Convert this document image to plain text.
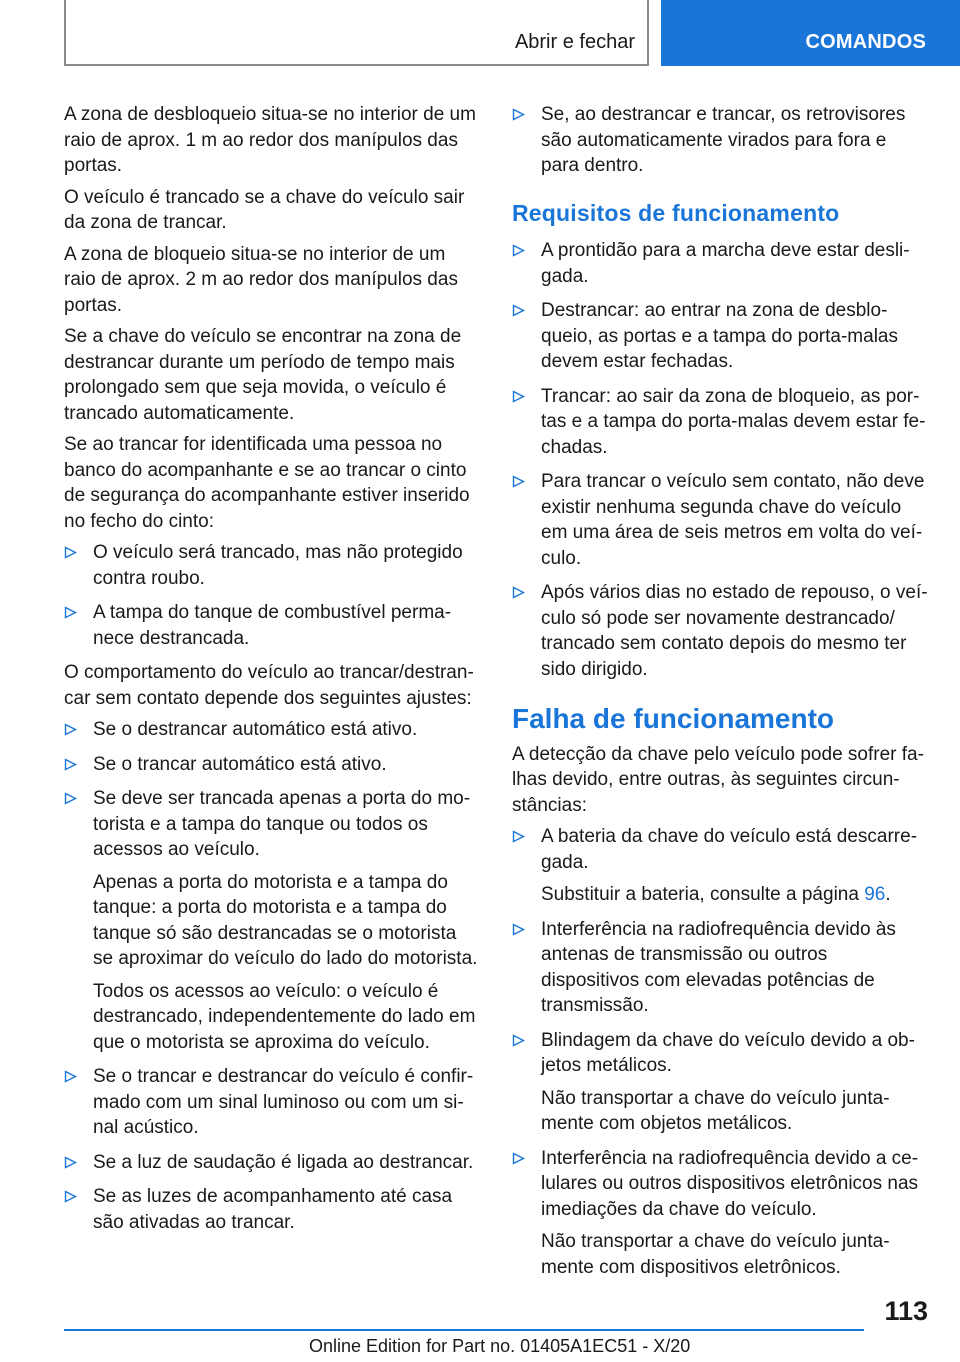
Abrir e fechar	COMANDOS

A zona de desbloqueio situa-se no interior de um raio de aprox. 1 m ao redor dos manípulos das portas.

O veículo é trancado se a chave do veículo sair da zona de trancar.

A zona de bloqueio situa-se no interior de um raio de aprox. 2 m ao redor dos manípulos das portas.

Se a chave do veículo se encontrar na zona de destrancar durante um período de tempo mais prolongado sem que seja movida, o veículo é trancado automaticamente.

Se ao trancar for identificada uma pessoa no banco do acompanhante e se ao trancar o cinto de segurança do acompanhante estiver inserido no fecho do cinto:

O veículo será trancado, mas não protegido contra roubo.
A tampa do tanque de combustível permanece destrancada.

O comportamento do veículo ao trancar/destrancar sem contato depende dos seguintes ajustes:

Se o destrancar automático está ativo.
Se o trancar automático está ativo.
Se deve ser trancada apenas a porta do motorista e a tampa do tanque ou todos os acessos ao veículo.
Apenas a porta do motorista e a tampa do tanque: a porta do motorista e a tampa do tanque só são destrancadas se o motorista se aproximar do veículo do lado do motorista.
Todos os acessos ao veículo: o veículo é destrancado, independentemente do lado em que o motorista se aproxima do veículo.
Se o trancar e destrancar do veículo é confirmado com um sinal luminoso ou com um sinal acústico.
Se a luz de saudação é ligada ao destrancar.
Se as luzes de acompanhamento até casa são ativadas ao trancar.
Se, ao destrancar e trancar, os retrovisores são automaticamente virados para fora e para dentro.
Requisitos de funcionamento
A prontidão para a marcha deve estar desligada.
Destrancar: ao entrar na zona de desbloqueio, as portas e a tampa do porta-malas devem estar fechadas.
Trancar: ao sair da zona de bloqueio, as portas e a tampa do porta-malas devem estar fechadas.
Para trancar o veículo sem contato, não deve existir nenhuma segunda chave do veículo em uma área de seis metros em volta do veículo.
Após vários dias no estado de repouso, o veículo só pode ser novamente destrancado/ trancado sem contato depois do mesmo ter sido dirigido.
Falha de funcionamento

A detecção da chave pelo veículo pode sofrer falhas devido, entre outras, às seguintes circunstâncias:

A bateria da chave do veículo está descarregada.
Substituir a bateria, consulte a página 96.
Interferência na radiofrequência devido às antenas de transmissão ou outros dispositivos com elevadas potências de transmissão.
Blindagem da chave do veículo devido a objetos metálicos.
Não transportar a chave do veículo juntamente com objetos metálicos.
Interferência na radiofrequência devido a celulares ou outros dispositivos eletrônicos nas imediações da chave do veículo.
Não transportar a chave do veículo juntamente com dispositivos eletrônicos.
113
Online Edition for Part no. 01405A1EC51 - X/20
